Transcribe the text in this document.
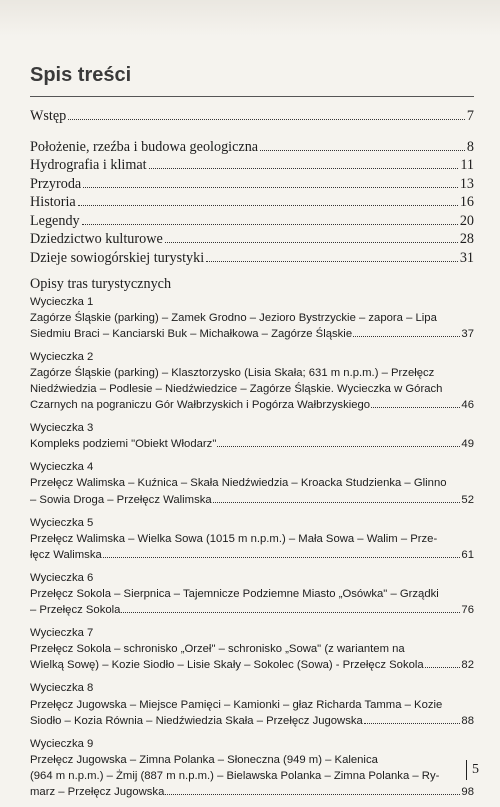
Spis treści
Wstęp	7
Położenie, rzeźba i budowa geologiczna	8
Hydrografia i klimat	11
Przyroda	13
Historia	16
Legendy	20
Dziedzictwo kulturowe	28
Dzieje sowiogórskiej turystyki	31
Opisy tras turystycznych
Wycieczka 1
Zagórze Śląskie (parking) – Zamek Grodno – Jezioro Bystrzyckie – zapora – Lipa
Siedmiu Braci – Kanciarski Buk – Michałkowa – Zagórze Śląskie	37
Wycieczka 2
Zagórze Śląskie (parking) – Klasztorzysko (Lisia Skała; 631 m n.p.m.) – Przełęcz
Niedźwiedzia – Podlesie – Niedźwiedzice – Zagórze Śląskie. Wycieczka w Górach
Czarnych na pograniczu Gór Wałbrzyskich i Pogórza Wałbrzyskiego	46
Wycieczka 3
Kompleks podziemi "Obiekt Włodarz"	49
Wycieczka 4
Przełęcz Walimska – Kuźnica – Skała Niedźwiedzia – Kroacka Studzienka – Glinno
– Sowia Droga – Przełęcz Walimska	52
Wycieczka 5
Przełęcz Walimska – Wielka Sowa (1015 m n.p.m.) – Mała Sowa – Walim – Prze-
łęcz Walimska	61
Wycieczka 6
Przełęcz Sokola – Sierpnica – Tajemnicze Podziemne Miasto „Osówka" – Grządki
– Przełęcz Sokola	76
Wycieczka 7
Przełęcz Sokola – schronisko „Orzeł" – schronisko „Sowa" (z wariantem na
Wielką Sowę) – Kozie Siodło – Lisie Skały – Sokolec (Sowa) - Przełęcz Sokola	82
Wycieczka 8
Przełęcz Jugowska – Miejsce Pamięci – Kamionki – głaz Richarda Tamma – Kozie
Siodło – Kozia Równia – Niedźwiedzia Skała – Przełęcz Jugowska	88
Wycieczka 9
Przełęcz Jugowska – Zimna Polanka – Słoneczna (949 m) – Kalenica
(964 m n.p.m.) – Żmij (887 m n.p.m.) – Bielawska Polanka – Zimna Polanka – Ry-
marz – Przełęcz Jugowska	98
5
